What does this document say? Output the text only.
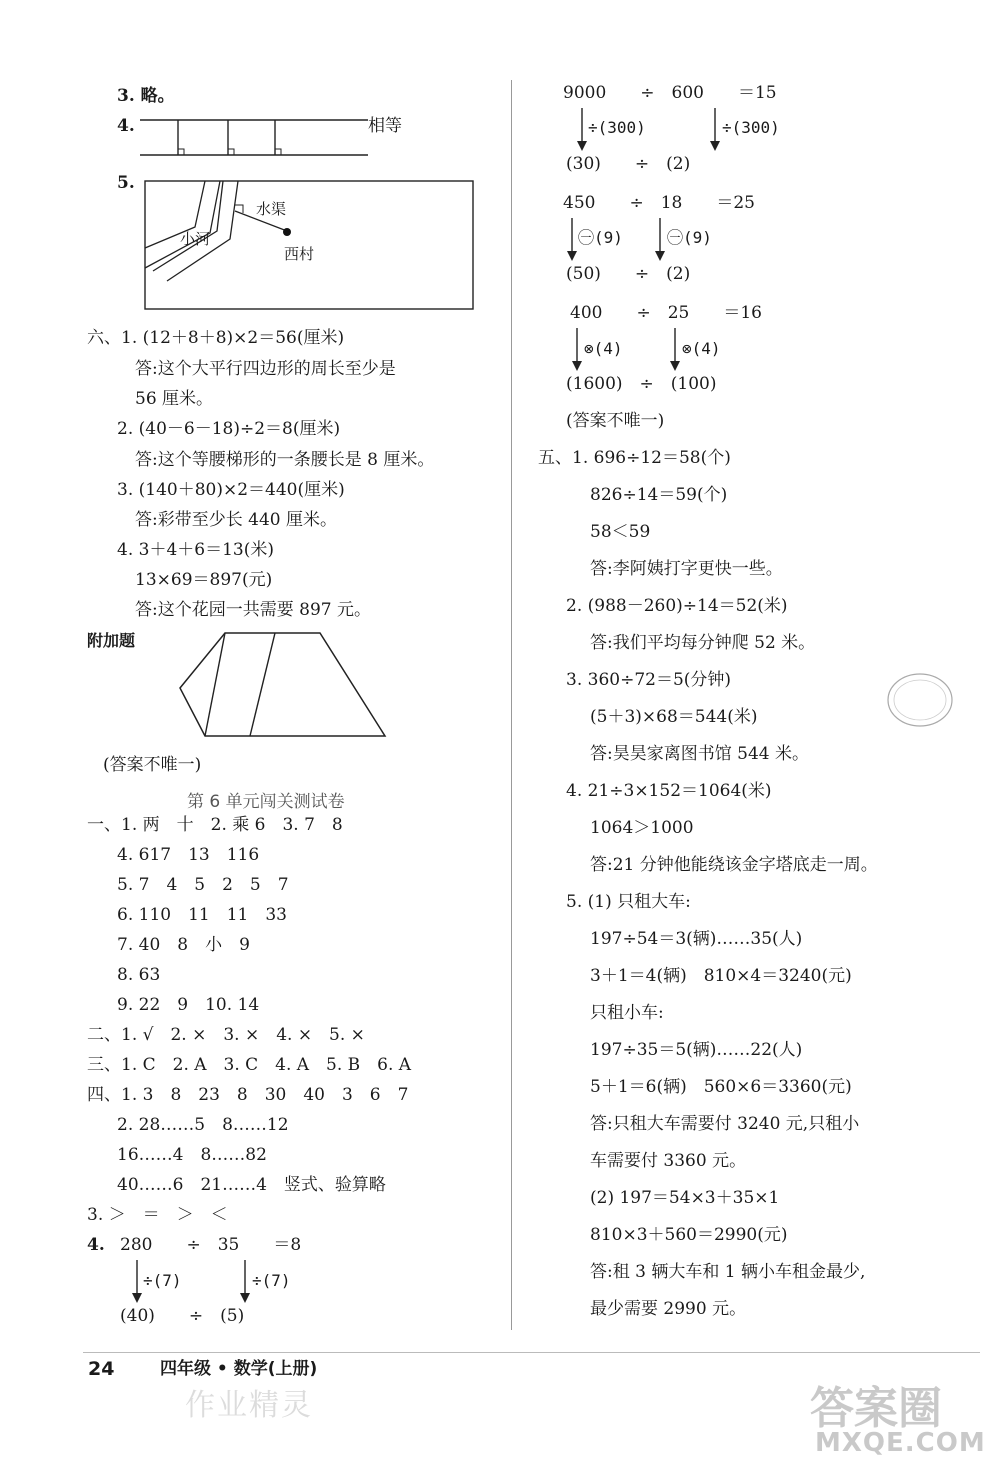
3. 略。
4.	相等
5.
水渠
小河
西村
六、1. (12＋8＋8)×2＝56(厘米)
答:这个大平行四边形的周长至少是
56 厘米。
2. (40－6－18)÷2＝8(厘米)
答:这个等腰梯形的一条腰长是 8 厘米。
3. (140＋80)×2＝440(厘米)
答:彩带至少长 440 厘米。
4. 3＋4＋6＝13(米)
13×69＝897(元)
答:这个花园一共需要 897 元。
附加题
(答案不唯一)
第 6 单元闯关测试卷
一、1. 两　十　2. 乘 6　3. 7　8
4. 617　13　116
5. 7　4　5　2　5　7
6. 110　11　11　33
7. 40　8　小　9
8. 63
9. 22　9　10. 14
二、1. √　2. ×　3. ×　4. ×　5. ×
三、1. C　2. A　3. C　4. A　5. B　6. A
四、1. 3　8　23　8　30　40　3　6　7
2. 28……5　8……12
16……4　8……82
40……6　21……4　竖式、验算略
3. ＞　＝　＞　＜
4. 280　　÷　35　　＝8
÷(7)	÷(7)
(40)　　÷　(5)
9000　　÷　600　　＝15
÷(300)	÷(300)
(30)　　÷　(2)
450　　÷　18　　＝25
㊀(9)	㊀(9)
(50)　　÷　(2)
400　　÷　25　　＝16
⊗(4)	⊗(4)
(1600)　÷　(100)
(答案不唯一)
五、1. 696÷12＝58(个)
826÷14＝59(个)
58＜59
答:李阿姨打字更快一些。
2. (988－260)÷14＝52(米)
答:我们平均每分钟爬 52 米。
3. 360÷72＝5(分钟)
(5＋3)×68＝544(米)
答:昊昊家离图书馆 544 米。
4. 21÷3×152＝1064(米)
1064＞1000
答:21 分钟他能绕该金字塔底走一周。
5. (1) 只租大车:
197÷54＝3(辆)……35(人)
3＋1＝4(辆)　810×4＝3240(元)
只租小车:
197÷35＝5(辆)……22(人)
5＋1＝6(辆)　560×6＝3360(元)
答:只租大车需要付 3240 元,只租小
车需要付 3360 元。
(2) 197＝54×3＋35×1
810×3＋560＝2990(元)
答:租 3 辆大车和 1 辆小车租金最少,
最少需要 2990 元。
24	四年级 • 数学(上册)
作业精灵	答案圈
MXQE.COM
